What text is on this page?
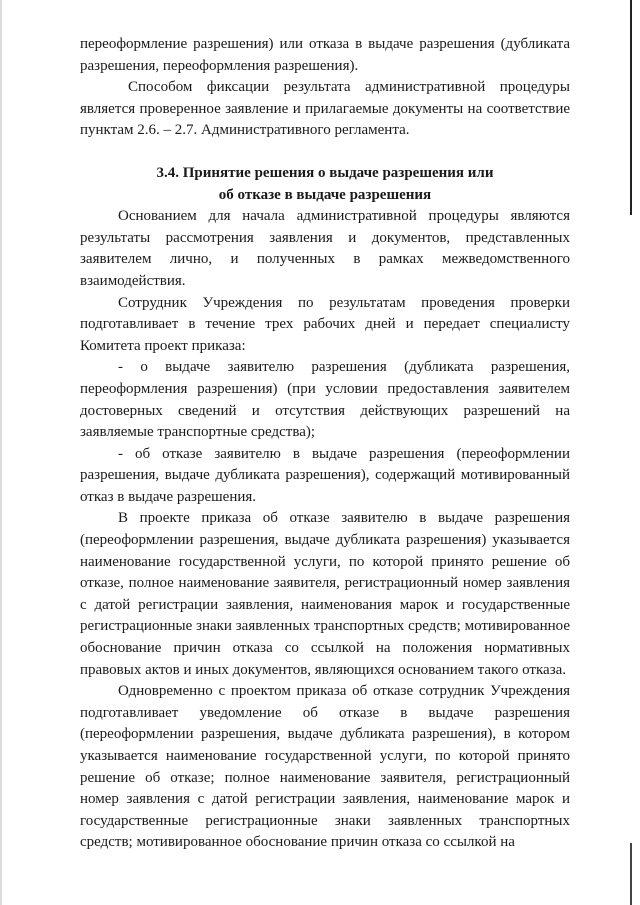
переоформление разрешения) или отказа в выдаче разрешения (дубликата разрешения, переоформления разрешения).

Способом фиксации результата административной процедуры является проверенное заявление и прилагаемые документы на соответствие пунктам 2.6. – 2.7. Административного регламента.

3.4. Принятие решения о выдаче разрешения или
об отказе в выдаче разрешения

Основанием для начала административной процедуры являются результаты рассмотрения заявления и документов, представленных заявителем лично, и полученных в рамках межведомственного взаимодействия.

Сотрудник Учреждения по результатам проведения проверки подготавливает в течение трех рабочих дней и передает специалисту Комитета проект приказа:

- о выдаче заявителю разрешения (дубликата разрешения, переоформления разрешения) (при условии предоставления заявителем достоверных сведений и отсутствия действующих разрешений на заявляемые транспортные средства);

- об отказе заявителю в выдаче разрешения (переоформлении разрешения, выдаче дубликата разрешения), содержащий мотивированный отказ в выдаче разрешения.

В проекте приказа об отказе заявителю в выдаче разрешения (переоформлении разрешения, выдаче дубликата разрешения) указывается наименование государственной услуги, по которой принято решение об отказе, полное наименование заявителя, регистрационный номер заявления с датой регистрации заявления, наименования марок и государственные регистрационные знаки заявленных транспортных средств; мотивированное обоснование причин отказа со ссылкой на положения нормативных правовых актов и иных документов, являющихся основанием такого отказа.

Одновременно с проектом приказа об отказе сотрудник Учреждения подготавливает уведомление об отказе в выдаче разрешения (переоформлении разрешения, выдаче дубликата разрешения), в котором указывается наименование государственной услуги, по которой принято решение об отказе; полное наименование заявителя, регистрационный номер заявления с датой регистрации заявления, наименование марок и государственные регистрационные знаки заявленных транспортных средств; мотивированное обоснование причин отказа со ссылкой на
